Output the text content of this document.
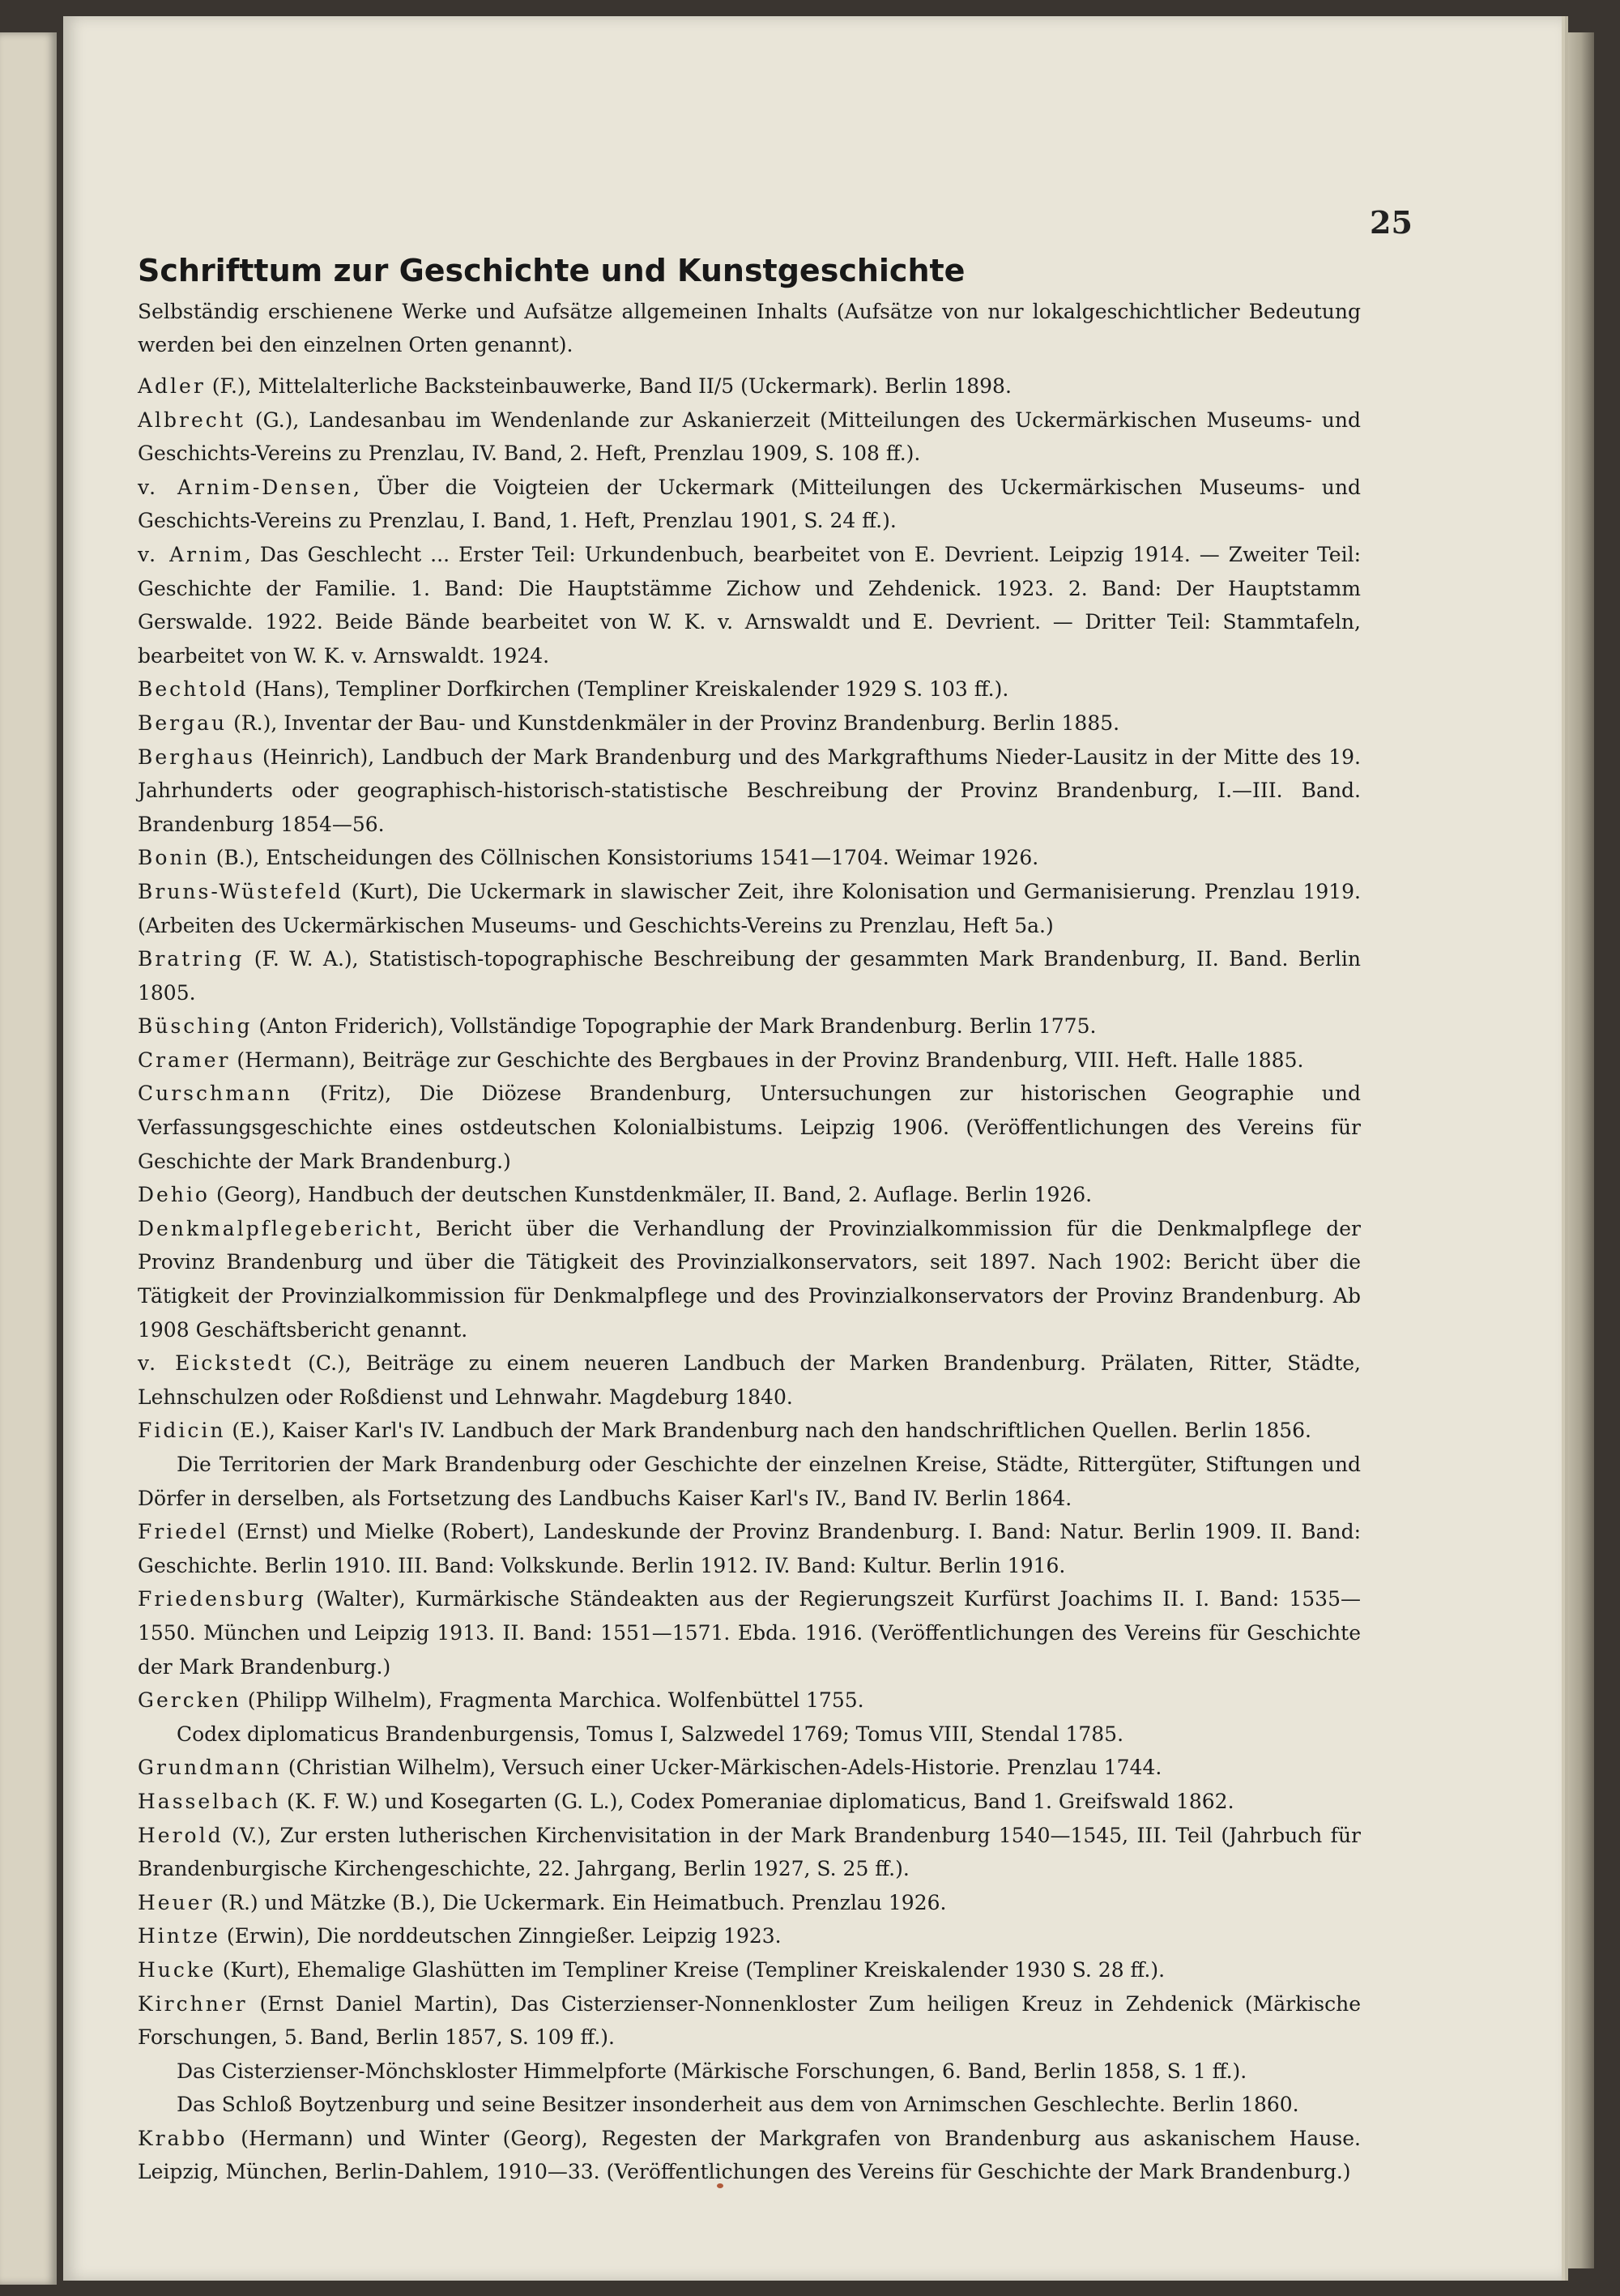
25
Schrifttum zur Geschichte und Kunstgeschichte

Selbständig erschienene Werke und Aufsätze allgemeinen Inhalts (Aufsätze von nur lokalgeschichtlicher Bedeutung werden bei den einzelnen Orten genannt).

Adler (F.), Mittelalterliche Backsteinbauwerke, Band II/5 (Uckermark). Berlin 1898.

Albrecht (G.), Landesanbau im Wendenlande zur Askanierzeit (Mitteilungen des Uckermärkischen Museums- und Geschichts-Vereins zu Prenzlau, IV. Band, 2. Heft, Prenzlau 1909, S. 108 ff.).

v. Arnim-Densen, Über die Voigteien der Uckermark (Mitteilungen des Uckermärkischen Museums- und Geschichts-Vereins zu Prenzlau, I. Band, 1. Heft, Prenzlau 1901, S. 24 ff.).

v. Arnim, Das Geschlecht ... Erster Teil: Urkundenbuch, bearbeitet von E. Devrient. Leipzig 1914. — Zweiter Teil: Geschichte der Familie. 1. Band: Die Hauptstämme Zichow und Zehdenick. 1923. 2. Band: Der Hauptstamm Gerswalde. 1922. Beide Bände bearbeitet von W. K. v. Arnswaldt und E. Devrient. — Dritter Teil: Stammtafeln, bearbeitet von W. K. v. Arnswaldt. 1924.

Bechtold (Hans), Templiner Dorfkirchen (Templiner Kreiskalender 1929 S. 103 ff.).

Bergau (R.), Inventar der Bau- und Kunstdenkmäler in der Provinz Brandenburg. Berlin 1885.

Berghaus (Heinrich), Landbuch der Mark Brandenburg und des Markgrafthums Nieder-Lausitz in der Mitte des 19. Jahrhunderts oder geographisch-historisch-statistische Beschreibung der Provinz Brandenburg, I.—III. Band. Brandenburg 1854—56.

Bonin (B.), Entscheidungen des Cöllnischen Konsistoriums 1541—1704. Weimar 1926.

Bruns-Wüstefeld (Kurt), Die Uckermark in slawischer Zeit, ihre Kolonisation und Germanisierung. Prenzlau 1919. (Arbeiten des Uckermärkischen Museums- und Geschichts-Vereins zu Prenzlau, Heft 5a.)

Bratring (F. W. A.), Statistisch-topographische Beschreibung der gesammten Mark Brandenburg, II. Band. Berlin 1805.

Büsching (Anton Friderich), Vollständige Topographie der Mark Brandenburg. Berlin 1775.

Cramer (Hermann), Beiträge zur Geschichte des Bergbaues in der Provinz Brandenburg, VIII. Heft. Halle 1885.

Curschmann (Fritz), Die Diözese Brandenburg, Untersuchungen zur historischen Geographie und Verfassungsgeschichte eines ostdeutschen Kolonialbistums. Leipzig 1906. (Veröffentlichungen des Vereins für Geschichte der Mark Brandenburg.)

Dehio (Georg), Handbuch der deutschen Kunstdenkmäler, II. Band, 2. Auflage. Berlin 1926.

Denkmalpflegebericht, Bericht über die Verhandlung der Provinzialkommission für die Denkmalpflege der Provinz Brandenburg und über die Tätigkeit des Provinzialkonservators, seit 1897. Nach 1902: Bericht über die Tätigkeit der Provinzialkommission für Denkmalpflege und des Provinzialkonservators der Provinz Brandenburg. Ab 1908 Geschäftsbericht genannt.

v. Eickstedt (C.), Beiträge zu einem neueren Landbuch der Marken Brandenburg. Prälaten, Ritter, Städte, Lehnschulzen oder Roßdienst und Lehnwahr. Magdeburg 1840.

Fidicin (E.), Kaiser Karl's IV. Landbuch der Mark Brandenburg nach den handschriftlichen Quellen. Berlin 1856.

Die Territorien der Mark Brandenburg oder Geschichte der einzelnen Kreise, Städte, Rittergüter, Stiftungen und Dörfer in derselben, als Fortsetzung des Landbuchs Kaiser Karl's IV., Band IV. Berlin 1864.

Friedel (Ernst) und Mielke (Robert), Landeskunde der Provinz Brandenburg. I. Band: Natur. Berlin 1909. II. Band: Geschichte. Berlin 1910. III. Band: Volkskunde. Berlin 1912. IV. Band: Kultur. Berlin 1916.

Friedensburg (Walter), Kurmärkische Ständeakten aus der Regierungszeit Kurfürst Joachims II. I. Band: 1535—1550. München und Leipzig 1913. II. Band: 1551—1571. Ebda. 1916. (Veröffentlichungen des Vereins für Geschichte der Mark Brandenburg.)

Gercken (Philipp Wilhelm), Fragmenta Marchica. Wolfenbüttel 1755.

Codex diplomaticus Brandenburgensis, Tomus I, Salzwedel 1769; Tomus VIII, Stendal 1785.

Grundmann (Christian Wilhelm), Versuch einer Ucker-Märkischen-Adels-Historie. Prenzlau 1744.

Hasselbach (K. F. W.) und Kosegarten (G. L.), Codex Pomeraniae diplomaticus, Band 1. Greifswald 1862.

Herold (V.), Zur ersten lutherischen Kirchenvisitation in der Mark Brandenburg 1540—1545, III. Teil (Jahrbuch für Brandenburgische Kirchengeschichte, 22. Jahrgang, Berlin 1927, S. 25 ff.).

Heuer (R.) und Mätzke (B.), Die Uckermark. Ein Heimatbuch. Prenzlau 1926.

Hintze (Erwin), Die norddeutschen Zinngießer. Leipzig 1923.

Hucke (Kurt), Ehemalige Glashütten im Templiner Kreise (Templiner Kreiskalender 1930 S. 28 ff.).

Kirchner (Ernst Daniel Martin), Das Cisterzienser-Nonnenkloster Zum heiligen Kreuz in Zehdenick (Märkische Forschungen, 5. Band, Berlin 1857, S. 109 ff.).

Das Cisterzienser-Mönchskloster Himmelpforte (Märkische Forschungen, 6. Band, Berlin 1858, S. 1 ff.).

Das Schloß Boytzenburg und seine Besitzer insonderheit aus dem von Arnimschen Geschlechte. Berlin 1860.

Krabbo (Hermann) und Winter (Georg), Regesten der Markgrafen von Brandenburg aus askanischem Hause. Leipzig, München, Berlin-Dahlem, 1910—33. (Veröffentlichungen des Vereins für Geschichte der Mark Brandenburg.)
